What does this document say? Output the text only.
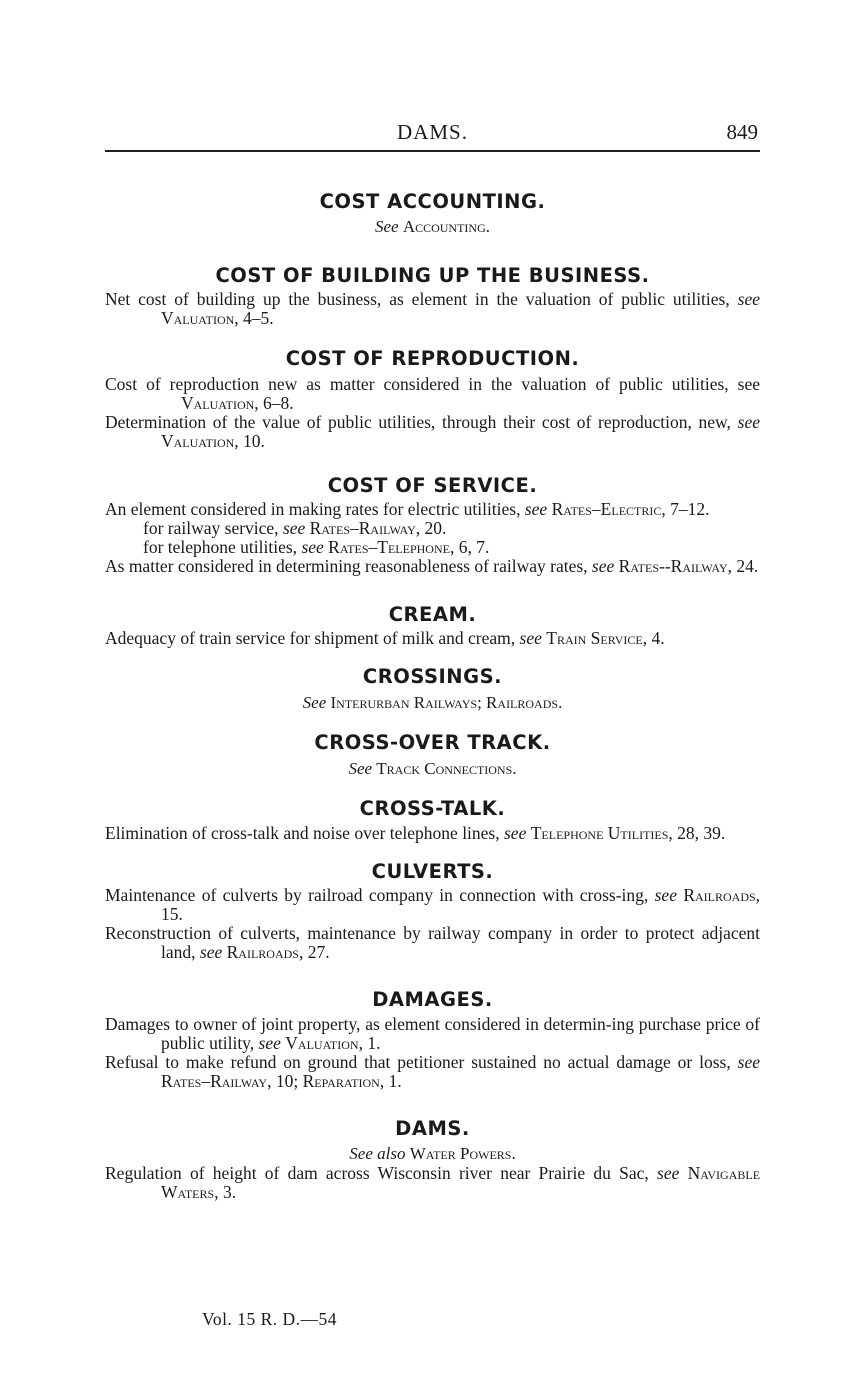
DAMS.	849
COST ACCOUNTING.
See Accounting.
COST OF BUILDING UP THE BUSINESS.
Net cost of building up the business, as element in the valuation of public utilities, see Valuation, 4–5.
COST OF REPRODUCTION.
Cost of reproduction new as matter considered in the valuation of public utilities, see Valuation, 6–8.
Determination of the value of public utilities, through their cost of reproduction, new, see Valuation, 10.
COST OF SERVICE.
An element considered in making rates for electric utilities, see Rates–Electric, 7–12.
for railway service, see Rates–Railway, 20.
for telephone utilities, see Rates–Telephone, 6, 7.
As matter considered in determining reasonableness of railway rates, see Rates--Railway, 24.
CREAM.
Adequacy of train service for shipment of milk and cream, see Train Service, 4.
CROSSINGS.
See Interurban Railways; Railroads.
CROSS-OVER TRACK.
See Track Connections.
CROSS-TALK.
Elimination of cross-talk and noise over telephone lines, see Telephone Utilities, 28, 39.
CULVERTS.
Maintenance of culverts by railroad company in connection with cross-ing, see Railroads, 15.
Reconstruction of culverts, maintenance by railway company in order to protect adjacent land, see Railroads, 27.
DAMAGES.
Damages to owner of joint property, as element considered in determin-ing purchase price of public utility, see Valuation, 1.
Refusal to make refund on ground that petitioner sustained no actual damage or loss, see Rates–Railway, 10; Reparation, 1.
DAMS.
See also Water Powers.
Regulation of height of dam across Wisconsin river near Prairie du Sac, see Navigable Waters, 3.
Vol. 15 R. D.—54
